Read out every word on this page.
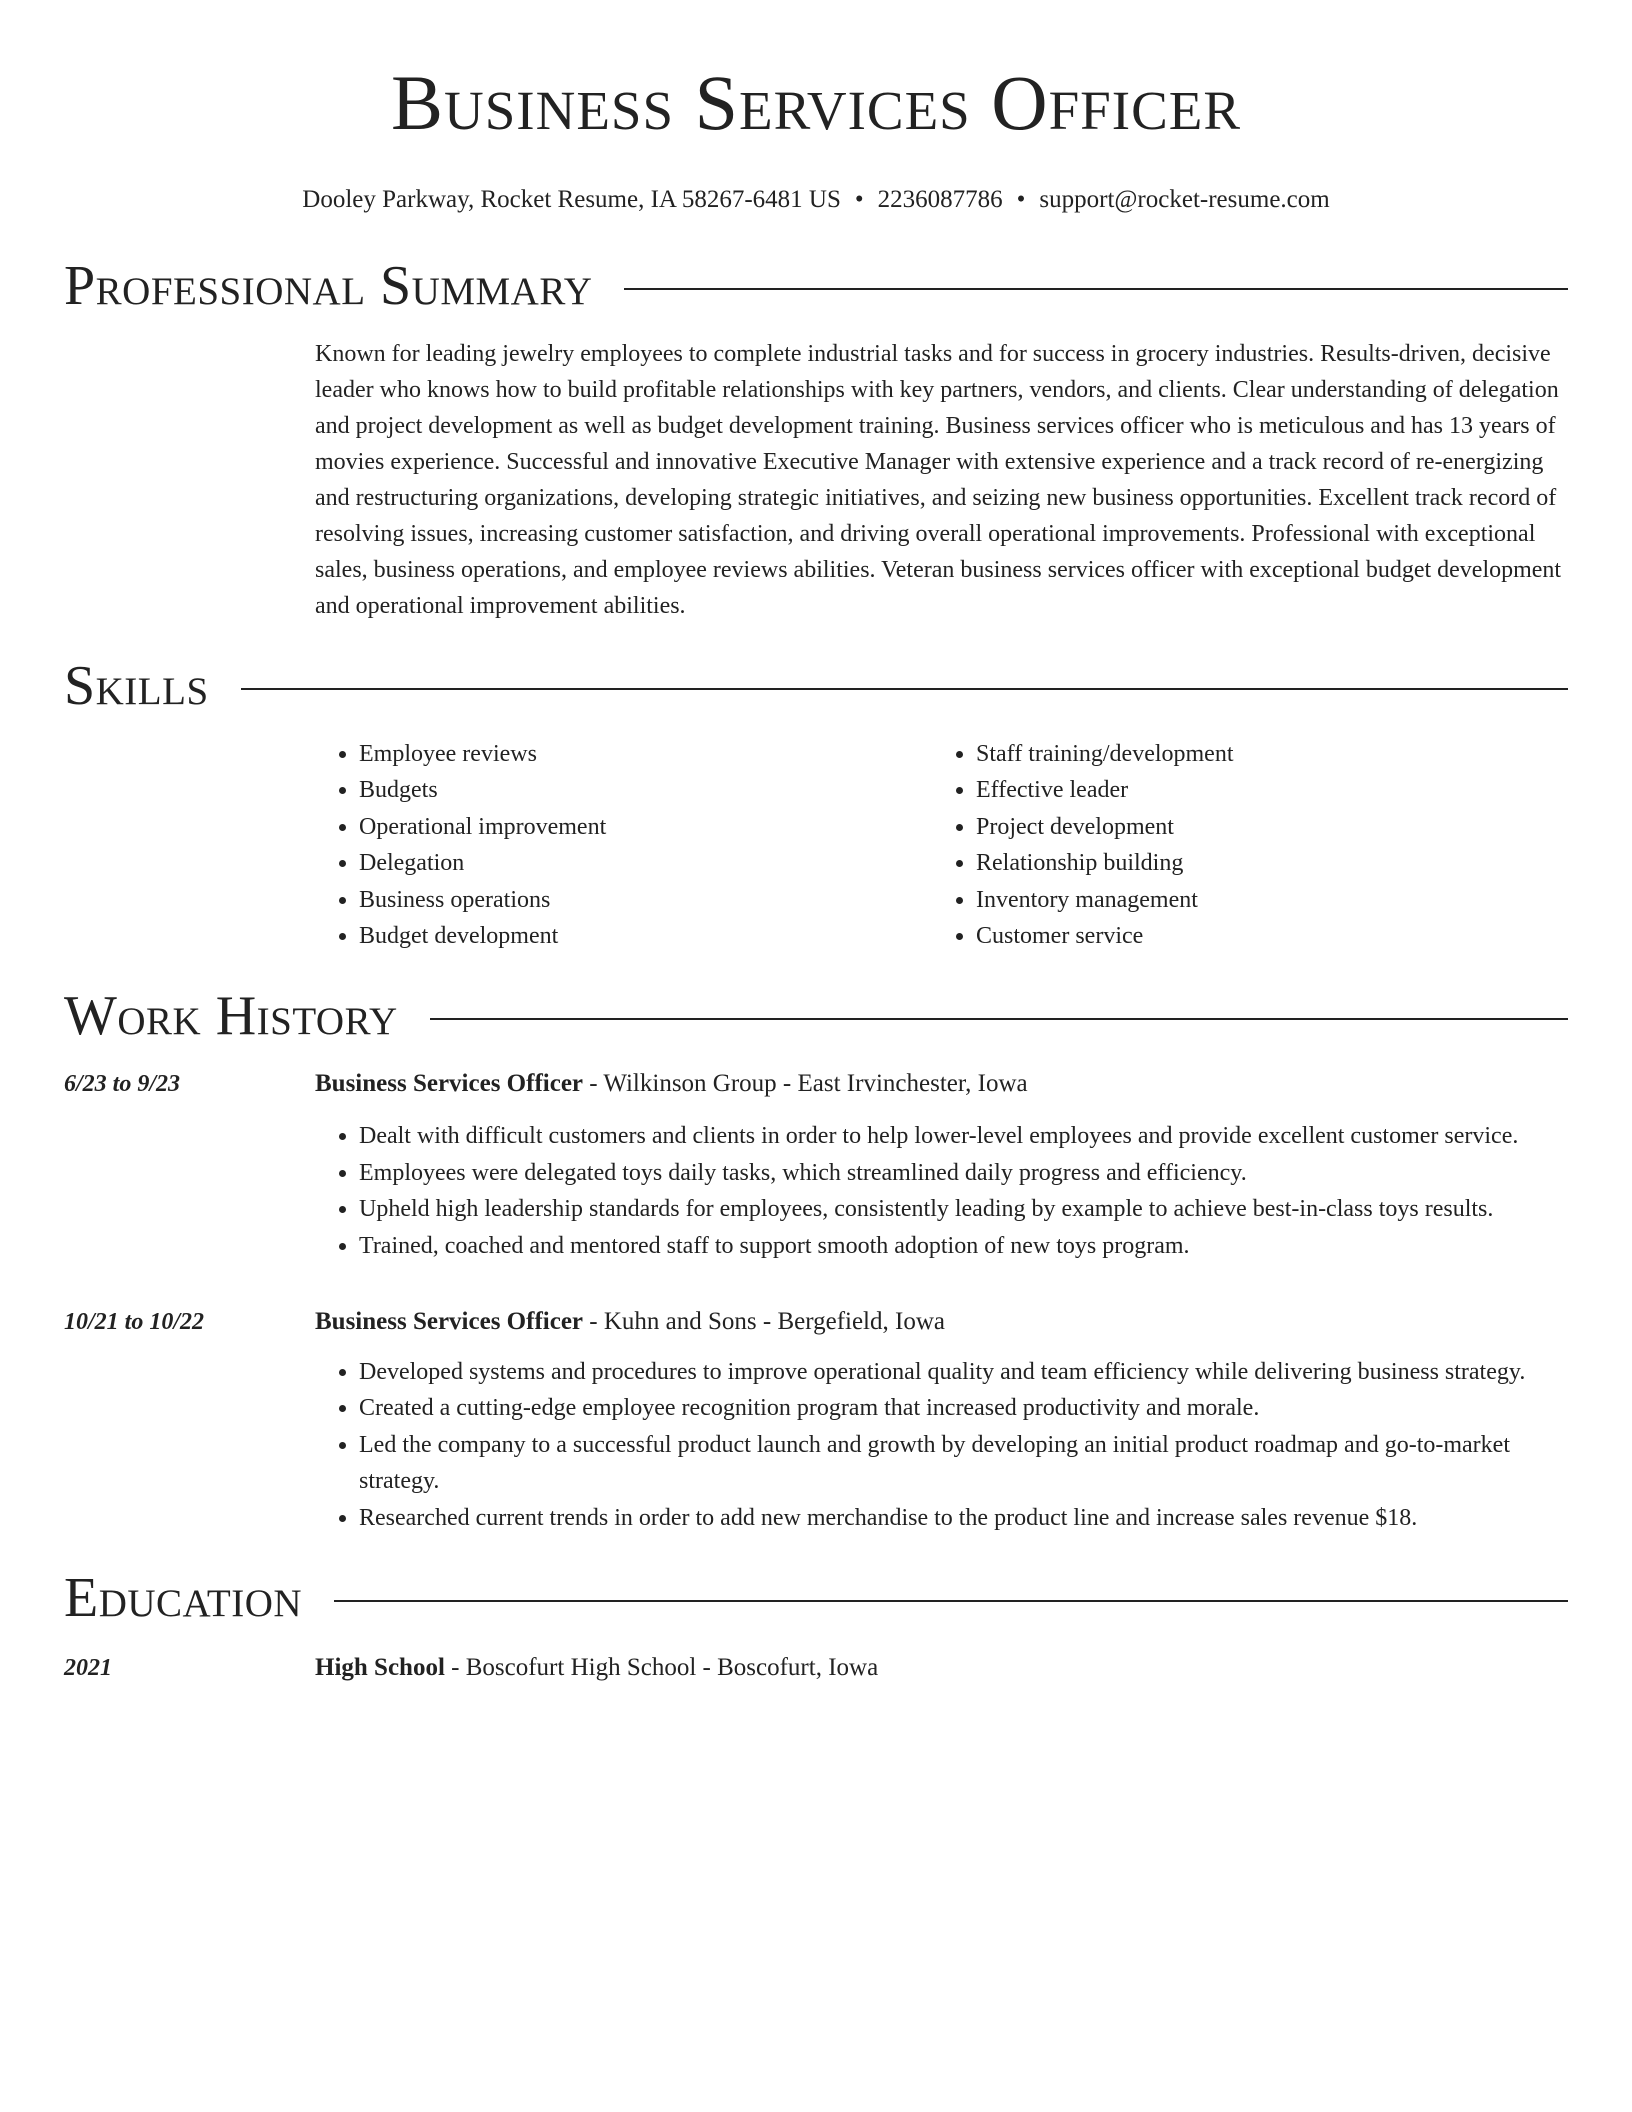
Business Services Officer
Dooley Parkway, Rocket Resume, IA 58267-6481 US • 2236087786 • support@rocket-resume.com
Professional Summary
Known for leading jewelry employees to complete industrial tasks and for success in grocery industries. Results-driven, decisive leader who knows how to build profitable relationships with key partners, vendors, and clients. Clear understanding of delegation and project development as well as budget development training. Business services officer who is meticulous and has 13 years of movies experience. Successful and innovative Executive Manager with extensive experience and a track record of re-energizing and restructuring organizations, developing strategic initiatives, and seizing new business opportunities. Excellent track record of resolving issues, increasing customer satisfaction, and driving overall operational improvements. Professional with exceptional sales, business operations, and employee reviews abilities. Veteran business services officer with exceptional budget development and operational improvement abilities.
Skills
• Employee reviews
• Budgets
• Operational improvement
• Delegation
• Business operations
• Budget development
• Staff training/development
• Effective leader
• Project development
• Relationship building
• Inventory management
• Customer service
Work History
6/23 to 9/23	Business Services Officer - Wilkinson Group - East Irvinchester, Iowa
• Dealt with difficult customers and clients in order to help lower-level employees and provide excellent customer service.
• Employees were delegated toys daily tasks, which streamlined daily progress and efficiency.
• Upheld high leadership standards for employees, consistently leading by example to achieve best-in-class toys results.
• Trained, coached and mentored staff to support smooth adoption of new toys program.
10/21 to 10/22	Business Services Officer - Kuhn and Sons - Bergefield, Iowa
• Developed systems and procedures to improve operational quality and team efficiency while delivering business strategy.
• Created a cutting-edge employee recognition program that increased productivity and morale.
• Led the company to a successful product launch and growth by developing an initial product roadmap and go-to-market strategy.
• Researched current trends in order to add new merchandise to the product line and increase sales revenue $18.
Education
2021	High School - Boscofurt High School - Boscofurt, Iowa
